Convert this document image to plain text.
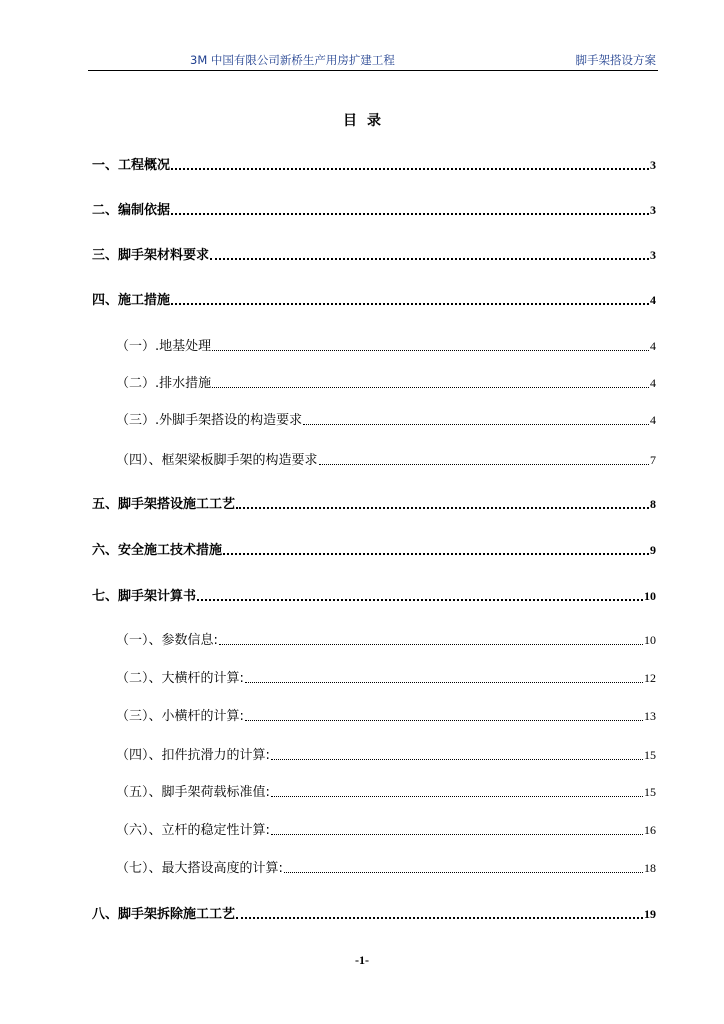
3M 中国有限公司新桥生产用房扩建工程	脚手架搭设方案
目录
一、工程概况	3
二、编制依据	3
三、脚手架材料要求	3
四、施工措施	4
（一）.地基处理	4
（二）.排水措施	4
（三）.外脚手架搭设的构造要求	4
（四）、框架梁板脚手架的构造要求	7
五、脚手架搭设施工工艺	8
六、安全施工技术措施	9
七、脚手架计算书	10
（一）、参数信息:	10
（二）、大横杆的计算:	12
（三）、小横杆的计算:	13
（四）、扣件抗滑力的计算:	15
（五）、脚手架荷载标准值:	15
（六）、立杆的稳定性计算:	16
（七）、最大搭设高度的计算:	18
八、脚手架拆除施工工艺	19
-1-
